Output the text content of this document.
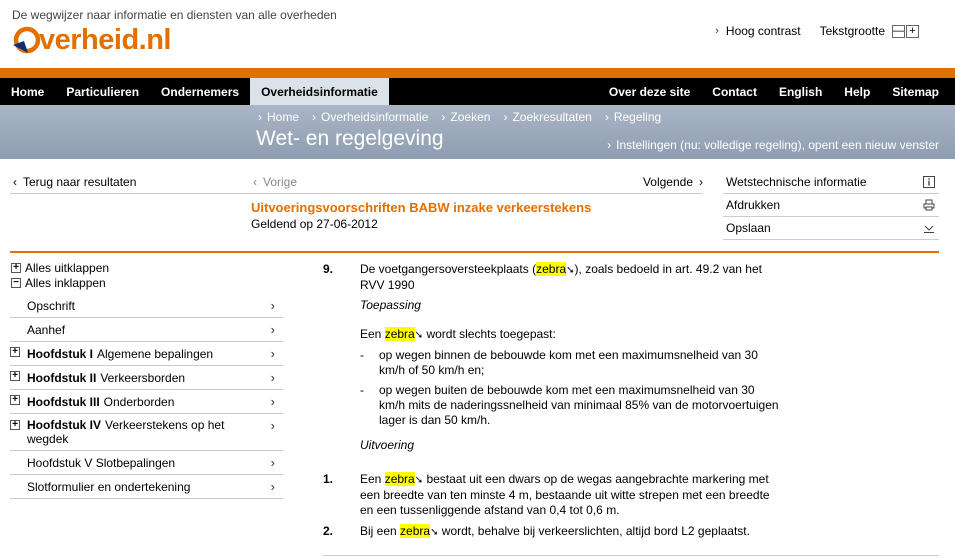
De wegwijzer naar informatie en diensten van alle overheden
verheid.nl	› Hoog contrast Tekstgrootte — +
Home	Particulieren	Ondernemers	Overheidsinformatie	Over deze site	Contact	English	Help	Sitemap
› Home	› Overheidsinformatie	› Zoeken	› Zoekresultaten	› Regeling
Wet- en regelgeving	› Instellingen (nu: volledige regeling), opent een nieuw venster
‹ Terug naar resultaten	‹ Vorige	Volgende ›
Uitvoeringsvoorschriften BABW inzake verkeerstekens
Geldend op 27-06-2012
Wetstechnische informatie
Afdrukken
Opslaan
+ Alles uitklappen
− Alles inklappen
Opschrift	›
Aanhef	›
+ Hoofdstuk I Algemene bepalingen	›
+ Hoofdstuk II Verkeersborden	›
+ Hoofdstuk III Onderborden	›
+ Hoofdstuk IV Verkeerstekens op het wegdek
›
Hoofdstuk V Slotbepalingen	›
Slotformulier en ondertekening	›
9. De voetgangersoversteekplaats (zebra➘), zoals bedoeld in art. 49.2 van het RVV 1990
Toepassing
Een zebra➘ wordt slechts toegepast:
-	op wegen binnen de bebouwde kom met een maximumsnelheid van 30 km/h of 50 km/h en;
-	op wegen buiten de bebouwde kom met een maximumsnelheid van 30 km/h mits de naderingssnelheid van minimaal 85% van de motorvoertuigen lager is dan 50 km/h.
Uitvoering
1. Een zebra➘ bestaat uit een dwars op de wegas aangebrachte markering met een breedte van ten minste 4 m, bestaande uit witte strepen met een breedte en een tussenliggende afstand van 0,4 tot 0,6 m.
2. Bij een zebra➘ wordt, behalve bij verkeerslichten, altijd bord L2 geplaatst.
